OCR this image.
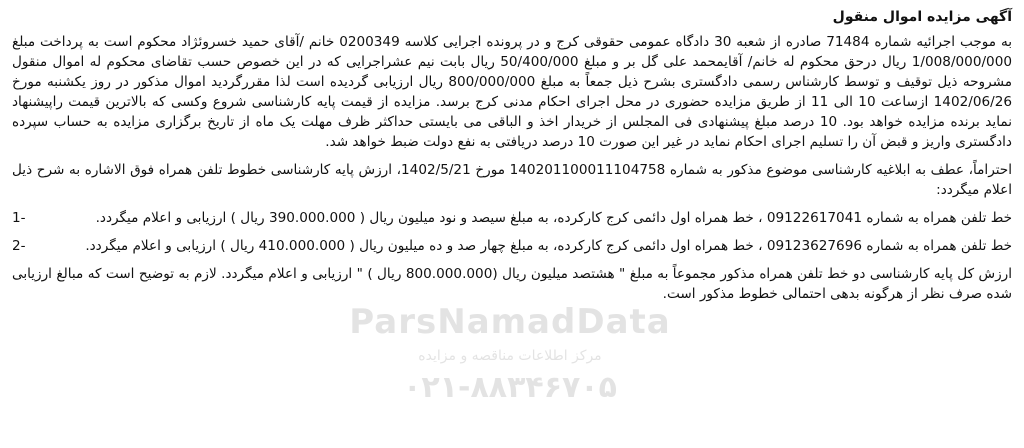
آگهی مزایده اموال منقول

به موجب اجرائیه شماره 71484 صادره از شعبه 30 دادگاه عمومی حقوقی کرج و در پرونده اجرایی کلاسه 0200349 خانم /آقای حمید خسروئژاد محکوم است به پرداخت مبلغ 1/008/000/000 ریال درحق محکوم له خانم/ آقایمحمد علی گل بر و مبلغ 50/400/000 ریال بابت نیم عشراجرایی که در این خصوص حسب تقاضای محکوم له اموال منقول مشروحه ذیل توقیف و توسط کارشناس رسمی دادگستری بشرح ذیل جمعاً به مبلغ 800/000/000 ریال ارزیابی گردیده است لذا مقررگردید اموال مذکور در روز یکشنبه مورخ 1402/06/26 ازساعت 10 الی 11 از طریق مزایده حضوری در محل اجرای احکام مدنی کرج برسد. مزایده از قیمت پایه کارشناسی شروع وکسی که بالاترین قیمت راپیشنهاد نماید برنده مزایده خواهد بود. 10 درصد مبلغ پیشنهادی فی المجلس از خریدار اخذ و الباقی می بایستی حداکثر ظرف مهلت یک ماه از تاریخ برگزاری مزایده به حساب سپرده دادگستری واریز و قبض آن را تسلیم اجرای احکام نماید در غیر این صورت 10 درصد دریافتی به نفع دولت ضبط خواهد شد.

احتراماً، عطف به ابلاغیه کارشناسی موضوع مذکور به شماره 140201100011104758 مورخ 1402/5/21، ارزش پایه کارشناسی خطوط تلفن همراه فوق الاشاره به شرح ذیل اعلام میگردد:

خط تلفن همراه به شماره 09122617041 ، خط همراه اول دائمی کرج کارکرده، به مبلغ سیصد و نود میلیون ریال ( 390.000.000 ریال ) ارزیابی و اعلام میگردد.
1-
خط تلفن همراه به شماره 09123627696 ، خط همراه اول دائمی کرج کارکرده، به مبلغ چهار صد و ده میلیون ریال ( 410.000.000 ریال ) ارزیابی و اعلام میگردد.
2-

ارزش کل پایه کارشناسی دو خط تلفن همراه مذکور مجموعاً به مبلغ " هشتصد میلیون ریال (800.000.000 ریال ) " ارزیابی و اعلام میگردد. لازم به توضیح است که مبالغ ارزیابی شده صرف نظر از هرگونه بدهی احتمالی خطوط مذکور است.

ParsNamadData
مرکز اطلاعات مناقصه و مزایده
۰۲۱-۸۸۳۴۶۷۰۵
